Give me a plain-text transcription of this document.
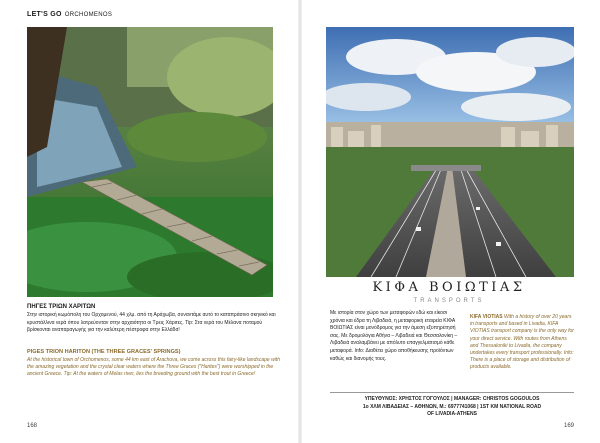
LET'S GO ORCHOMENOS
ΠΗΓΕΣ ΤΡΙΩΝ ΧΑΡΙΤΩΝ
Στην ιστορική κωμόπολη του Ορχομενού, 44 χλμ. από τη Αράχωβα, συναντάμε αυτό το καταπράσινο σκηνικό και κρυστάλλινα νερά όπου λατρεύονταν στην αρχαιότητα οι Τρεις Χάριτες. Tip: Στα νερά του Μέλανα ποταμού βρίσκονται αναπαραγωγής για την καλύτερη πέστροφα στην Ελλάδα!
PIGES TRION HARITON (THE THREE GRACES' SPRINGS)
At the historical town of Orchomenos, some 44 km east of Arachova, we come across this fairy-like landscape with the amazing vegetation and the crystal clear waters where the Three Graces ("Harites") were worshipped in the ancient Greece. Tip: At the waters of Melas river, lies the breeding ground with the best trout in Greece!
168
ΚΙΦΑ ΒΟΙΩΤΙΑΣ
TRANSPORTS
Με ιστορία στον χώρο των μεταφορών εδώ και είκοσι χρόνια και έδρα τη Λιβαδειά, η μεταφορική εταιρεία ΚΙΦΑ ΒΟΙΩΤΙΑΣ είναι μονόδρομος για την άμεση εξυπηρέτησή σας. Με δρομολόγια Αθήνα – Λιβαδειά και Θεσσαλονίκη – Λιβαδειά αναλαμβάνει με απόλυτο επαγγελματισμό κάθε μεταφορά. Info: Διαθέτει χώρο αποθήκευσης προϊόντων καθώς και διανομής τους.
KIFA VIOTIAS With a history of over 20 years in transports and based in Livadia, KIFA VIOTIAS transport company is the only way for your direct service. With routes from Athens and Thessaloniki to Livadia, the company undertakes every transport professionally. Info: There is a place of storage and distribution of products available.
ΥΠΕΥΘΥΝΟΣ: ΧΡΗΣΤΟΣ ΓΟΓΟΥΛΟΣ | MANAGER: CHRISTOS GOGOULOS
1o ΧΛΜ ΛΙΒΑΔΕΙΑΣ – ΑΘΗΝΩΝ, Μ.: 6977741068 | 1ST KM NATIONAL ROAD
OF LIVADIA-ATHENS
169
